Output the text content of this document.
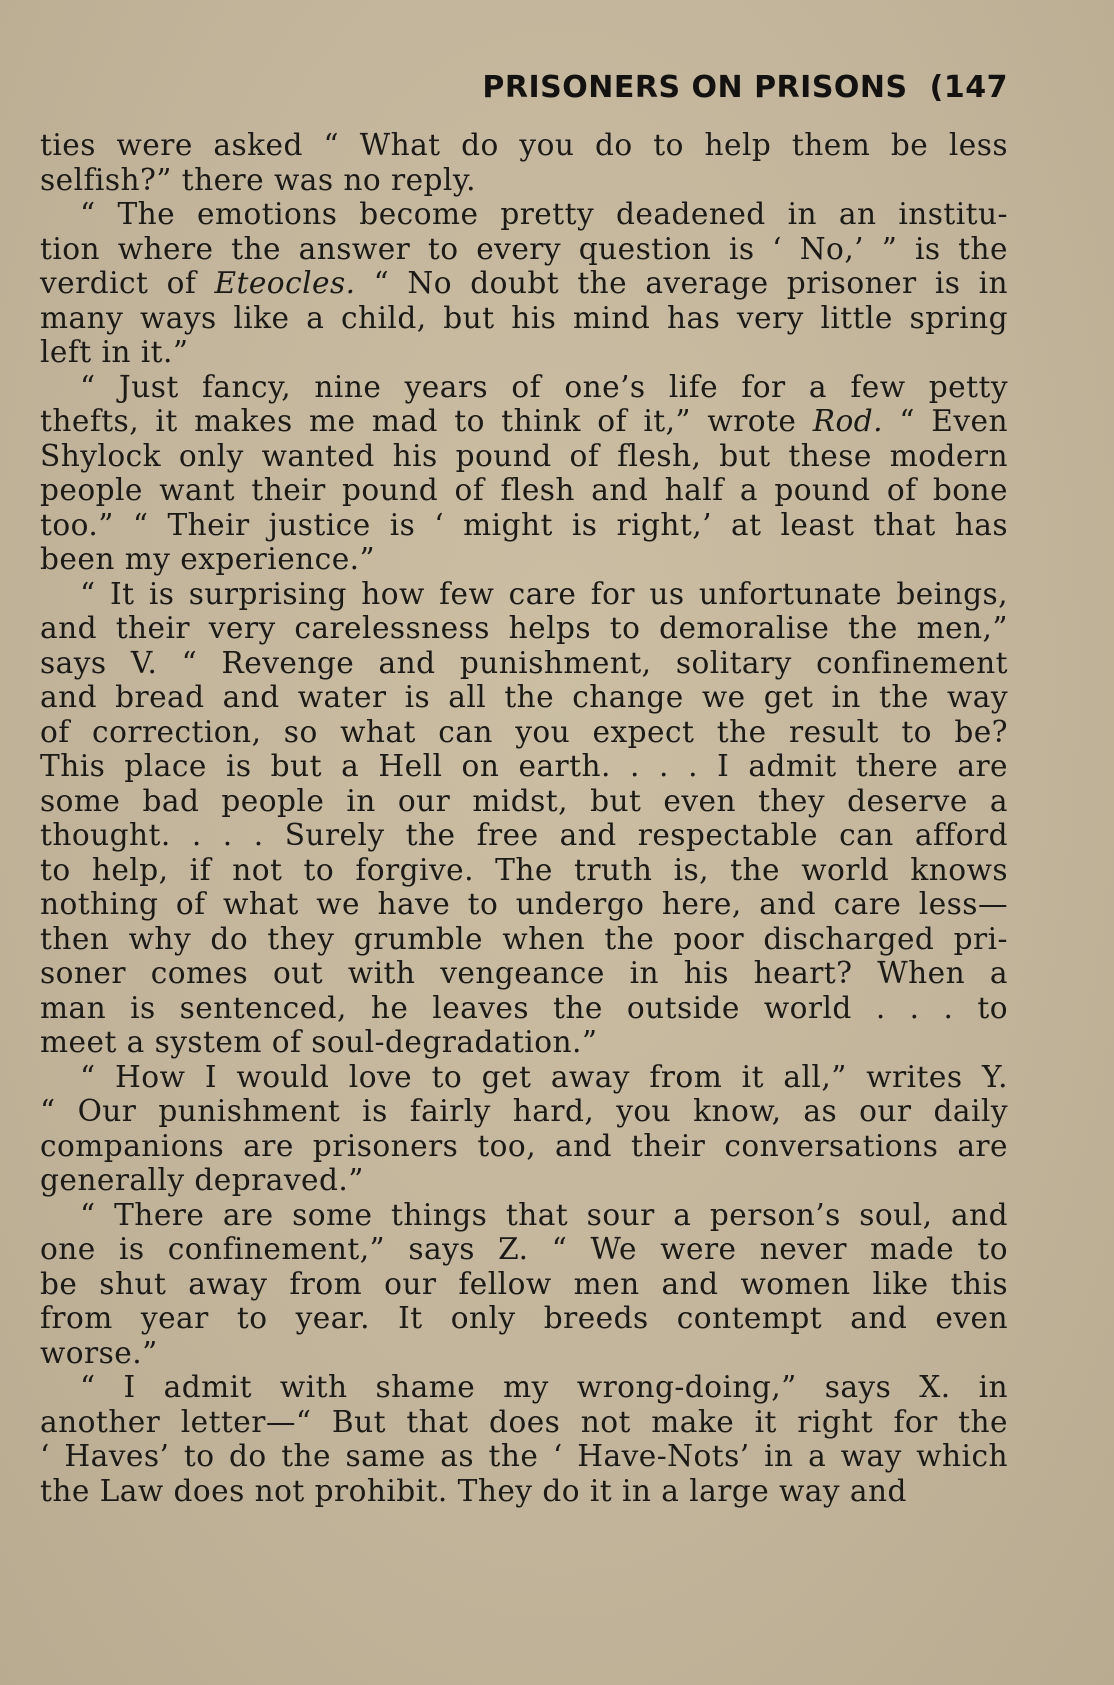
PRISONERS ON PRISONS (147

ties were asked “ What do you do to help them be less
selfish?” there was no reply.

“ The emotions become pretty deadened in an institu-
tion where the answer to every question is ‘ No,’ ” is the
verdict of Eteocles. “ No doubt the average prisoner is in
many ways like a child, but his mind has very little spring
left in it.”

“ Just fancy, nine years of one’s life for a few petty
thefts, it makes me mad to think of it,” wrote Rod. “ Even
Shylock only wanted his pound of flesh, but these modern
people want their pound of flesh and half a pound of bone
too.” “ Their justice is ‘ might is right,’ at least that has
been my experience.”

“ It is surprising how few care for us unfortunate beings,
and their very carelessness helps to demoralise the men,”
says V. “ Revenge and punishment, solitary confinement
and bread and water is all the change we get in the way
of correction, so what can you expect the result to be?
This place is but a Hell on earth. . . . I admit there are
some bad people in our midst, but even they deserve a
thought. . . . Surely the free and respectable can afford
to help, if not to forgive. The truth is, the world knows
nothing of what we have to undergo here, and care less—
then why do they grumble when the poor discharged pri-
soner comes out with vengeance in his heart? When a
man is sentenced, he leaves the outside world . . . to
meet a system of soul-degradation.”

“ How I would love to get away from it all,” writes Y.
“ Our punishment is fairly hard, you know, as our daily
companions are prisoners too, and their conversations are
generally depraved.”

“ There are some things that sour a person’s soul, and
one is confinement,” says Z. “ We were never made to
be shut away from our fellow men and women like this
from year to year. It only breeds contempt and even
worse.”

“ I admit with shame my wrong-doing,” says X. in
another letter—“ But that does not make it right for the
‘ Haves’ to do the same as the ‘ Have-Nots’ in a way which
the Law does not prohibit. They do it in a large way and
